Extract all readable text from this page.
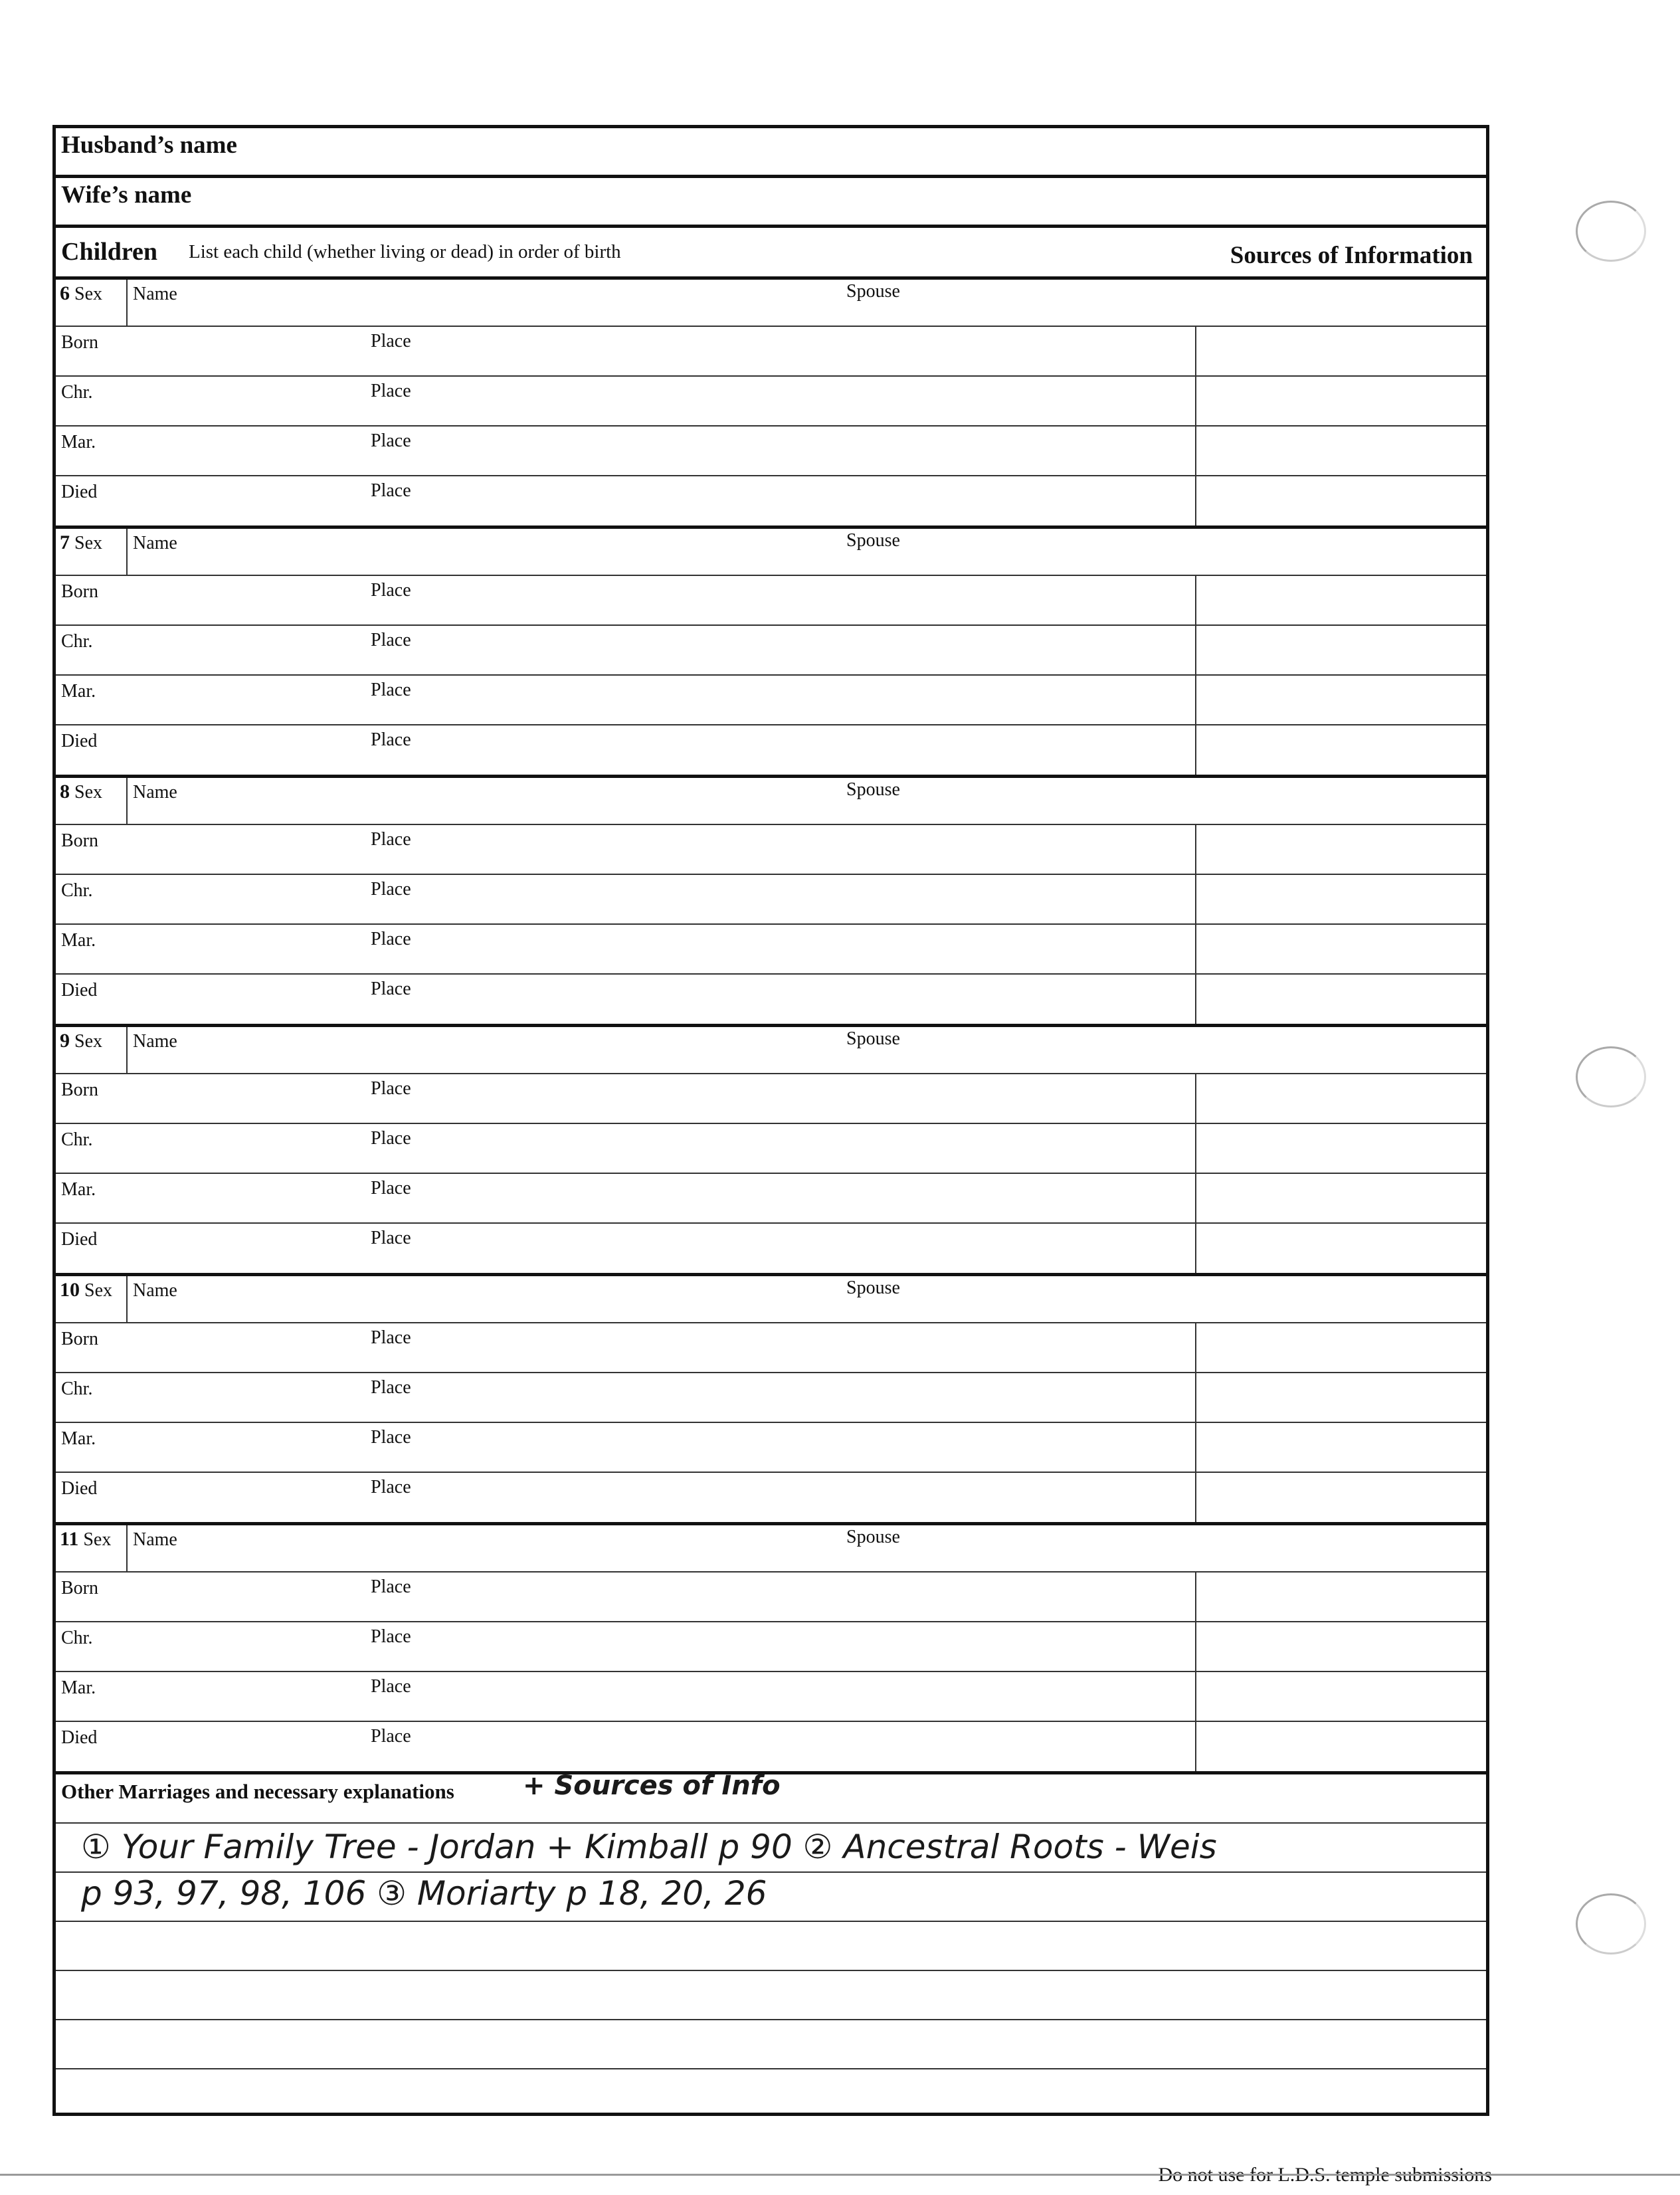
Husband’s name
Wife’s name
Children List each child (whether living or dead) in order of birth	Sources of Information
6 Sex	Name	Spouse
Born	Place
Chr.	Place
Mar.	Place
Died	Place
7 Sex	Name	Spouse
Born	Place
Chr.	Place
Mar.	Place
Died	Place
8 Sex	Name	Spouse
Born	Place
Chr.	Place
Mar.	Place
Died	Place
9 Sex	Name	Spouse
Born	Place
Chr.	Place
Mar.	Place
Died	Place
10 Sex	Name	Spouse
Born	Place
Chr.	Place
Mar.	Place
Died	Place
11 Sex	Name	Spouse
Born	Place
Chr.	Place
Mar.	Place
Died	Place
Other Marriages and necessary explanations	+ Sources of Info
① Your Family Tree - Jordan + Kimball p 90 ② Ancestral Roots - Weis
p 93, 97, 98, 106 ③ Moriarty p 18, 20, 26
Do not use for L.D.S. temple submissions
